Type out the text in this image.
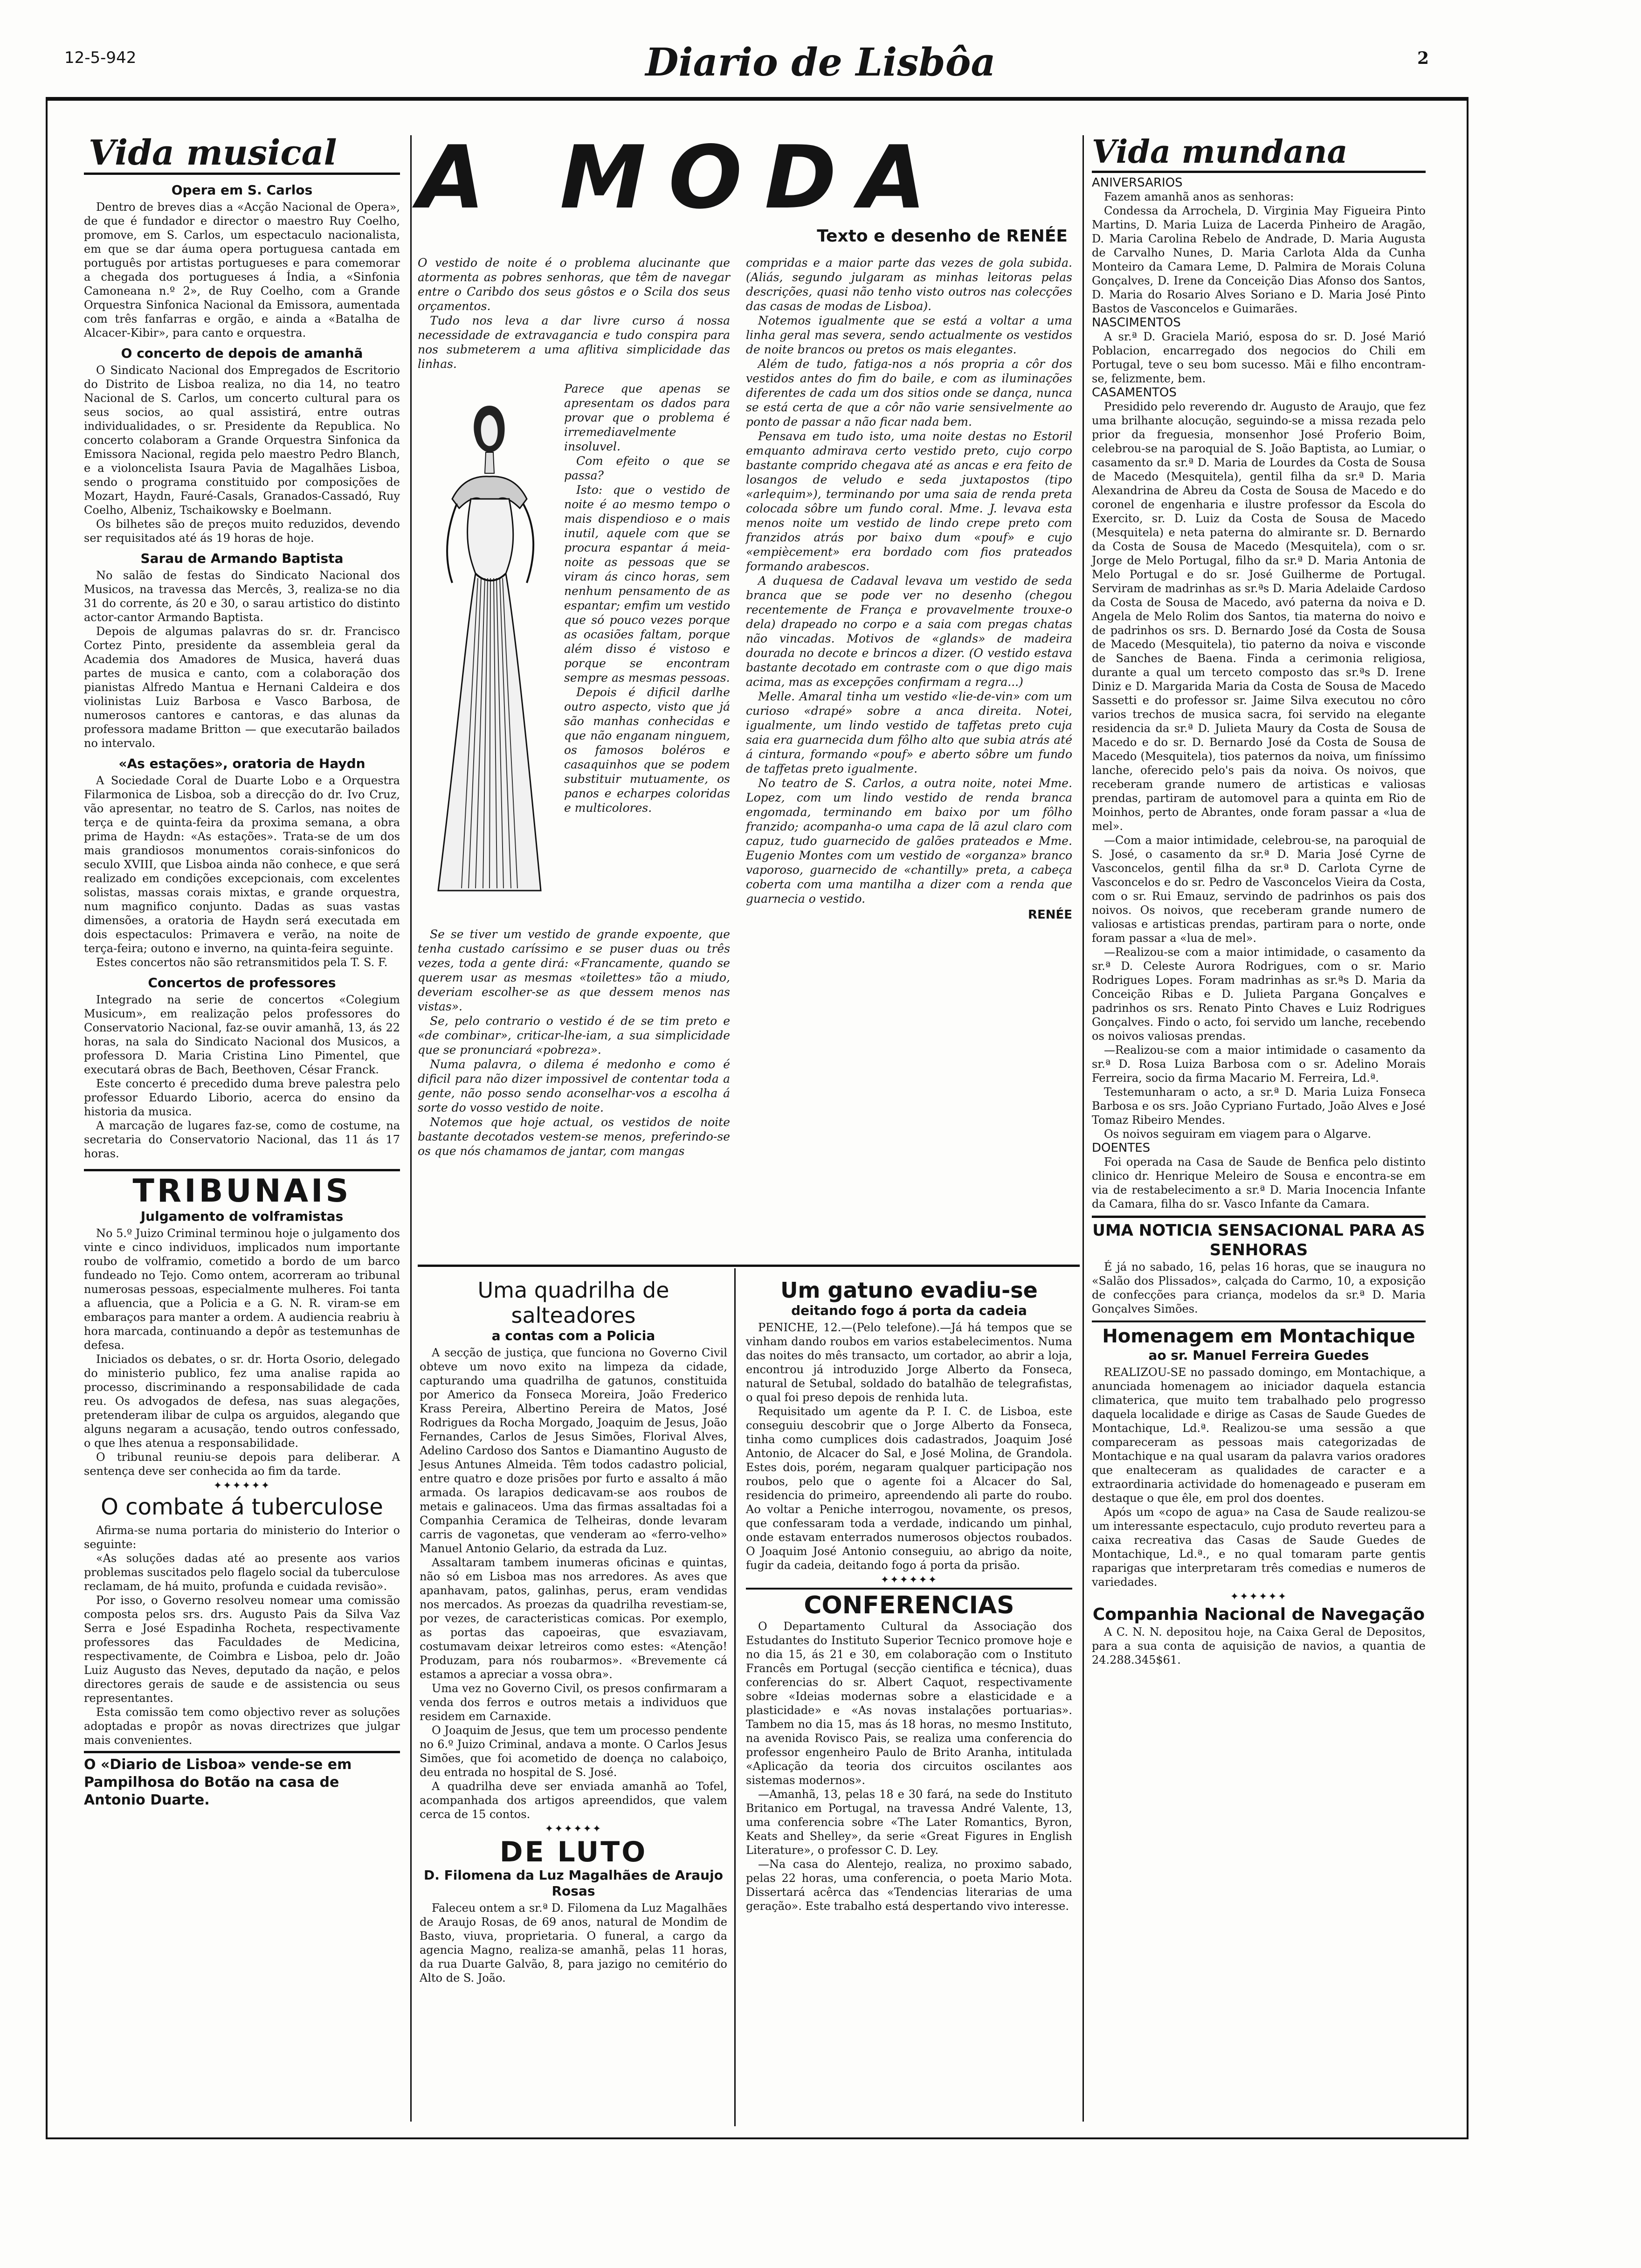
12-5-942	Diario de Lisbôa	2
Vida musical

Opera em S. Carlos

Dentro de breves dias a «Acção Nacional de Opera», de que é fundador e director o maestro Ruy Coelho, promove, em S. Carlos, um espectaculo nacionalista, em que se dar áuma opera portuguesa cantada em português por artistas portugueses e para comemorar a chegada dos portugueses á Índia, a «Sinfonia Camoneana n.º 2», de Ruy Coelho, com a Grande Orquestra Sinfonica Nacional da Emissora, aumentada com três fanfarras e orgão, e ainda a «Batalha de Alcacer-Kibir», para canto e orquestra.

O concerto de depois de amanhã

O Sindicato Nacional dos Empregados de Escritorio do Distrito de Lisboa realiza, no dia 14, no teatro Nacional de S. Carlos, um concerto cultural para os seus socios, ao qual assistirá, entre outras individualidades, o sr. Presidente da Republica. No concerto colaboram a Grande Orquestra Sinfonica da Emissora Nacional, regida pelo maestro Pedro Blanch, e a violoncelista Isaura Pavia de Magalhães Lisboa, sendo o programa constituido por composições de Mozart, Haydn, Fauré-Casals, Granados-Cassadó, Ruy Coelho, Albeniz, Tschaikowsky e Boelmann.

Os bilhetes são de preços muito reduzidos, devendo ser requisitados até ás 19 horas de hoje.

Sarau de Armando Baptista

No salão de festas do Sindicato Nacional dos Musicos, na travessa das Mercês, 3, realiza-se no dia 31 do corrente, ás 20 e 30, o sarau artistico do distinto actor-cantor Armando Baptista.

Depois de algumas palavras do sr. dr. Francisco Cortez Pinto, presidente da assembleia geral da Academia dos Amadores de Musica, haverá duas partes de musica e canto, com a colaboração dos pianistas Alfredo Mantua e Hernani Caldeira e dos violinistas Luiz Barbosa e Vasco Barbosa, de numerosos cantores e cantoras, e das alunas da professora madame Britton — que executarão bailados no intervalo.

«As estações», oratoria de Haydn

A Sociedade Coral de Duarte Lobo e a Orquestra Filarmonica de Lisboa, sob a direcção do dr. Ivo Cruz, vão apresentar, no teatro de S. Carlos, nas noites de terça e de quinta-feira da proxima semana, a obra prima de Haydn: «As estações». Trata-se de um dos mais grandiosos monumentos corais-sinfonicos do seculo XVIII, que Lisboa ainda não conhece, e que será realizado em condições excepcionais, com excelentes solistas, massas corais mixtas, e grande orquestra, num magnifico conjunto. Dadas as suas vastas dimensões, a oratoria de Haydn será executada em dois espectaculos: Primavera e verão, na noite de terça-feira; outono e inverno, na quinta-feira seguinte.

Estes concertos não são retransmitidos pela T. S. F.

Concertos de professores

Integrado na serie de concertos «Colegium Musicum», em realização pelos professores do Conservatorio Nacional, faz-se ouvir amanhã, 13, ás 22 horas, na sala do Sindicato Nacional dos Musicos, a professora D. Maria Cristina Lino Pimentel, que executará obras de Bach, Beethoven, César Franck.

Este concerto é precedido duma breve palestra pelo professor Eduardo Liborio, acerca do ensino da historia da musica.

A marcação de lugares faz-se, como de costume, na secretaria do Conservatorio Nacional, das 11 ás 17 horas.

TRIBUNAIS

Julgamento de volframistas

No 5.º Juizo Criminal terminou hoje o julgamento dos vinte e cinco individuos, implicados num importante roubo de volframio, cometido a bordo de um barco fundeado no Tejo. Como ontem, acorreram ao tribunal numerosas pessoas, especialmente mulheres. Foi tanta a afluencia, que a Policia e a G. N. R. viram-se em embaraços para manter a ordem. A audiencia reabriu à hora marcada, continuando a depôr as testemunhas de defesa.

Iniciados os debates, o sr. dr. Horta Osorio, delegado do ministerio publico, fez uma analise rapida ao processo, discriminando a responsabilidade de cada reu. Os advogados de defesa, nas suas alegações, pretenderam ilibar de culpa os arguidos, alegando que alguns negaram a acusação, tendo outros confessado, o que lhes atenua a responsabilidade.

O tribunal reuniu-se depois para deliberar. A sentença deve ser conhecida ao fim da tarde.

✦✦✦✦✦✦
O combate á tuberculose

Afirma-se numa portaria do ministerio do Interior o seguinte:

«As soluções dadas até ao presente aos varios problemas suscitados pelo flagelo social da tuberculose reclamam, de há muito, profunda e cuidada revisão».

Por isso, o Governo resolveu nomear uma comissão composta pelos srs. drs. Augusto Pais da Silva Vaz Serra e José Espadinha Rocheta, respectivamente professores das Faculdades de Medicina, respectivamente, de Coimbra e Lisboa, pelo dr. João Luiz Augusto das Neves, deputado da nação, e pelos directores gerais de saude e de assistencia ou seus representantes.

Esta comissão tem como objectivo rever as soluções adoptadas e propôr as novas directrizes que julgar mais convenientes.

O «Diario de Lisboa» vende-se em Pampilhosa do Botão na casa de Antonio Duarte.
A MODA
Texto e desenho de RENÉE

O vestido de noite é o problema alucinante que atormenta as pobres senhoras, que têm de navegar entre o Caribdo dos seus gôstos e o Scila dos seus orçamentos.

Tudo nos leva a dar livre curso á nossa necessidade de extravagancia e tudo conspira para nos submeterem a uma aflitiva simplicidade das linhas.

Parece que apenas se apresentam os dados para provar que o problema é irremediavelmente insoluvel.

Com efeito o que se passa?

Isto: que o vestido de noite é ao mesmo tempo o mais dispendioso e o mais inutil, aquele com que se procura espantar á meia-noite as pessoas que se viram ás cinco horas, sem nenhum pensamento de as espantar; emfim um vestido que só pouco vezes porque as ocasiões faltam, porque além disso é vistoso e porque se encontram sempre as mesmas pessoas.

Depois é dificil darlhe outro aspecto, visto que já são manhas conhecidas e que não enganam ninguem, os famosos boléros e casaquinhos que se podem substituir mutuamente, os panos e echarpes coloridas e multicolores.

Se se tiver um vestido de grande expoente, que tenha custado caríssimo e se puser duas ou três vezes, toda a gente dirá: «Francamente, quando se querem usar as mesmas «toilettes» tão a miudo, deveriam escolher-se as que dessem menos nas vistas».

Se, pelo contrario o vestido é de se tim preto e «de combinar», criticar-lhe-iam, a sua simplicidade que se pronunciará «pobreza».

Numa palavra, o dilema é medonho e como é dificil para não dizer impossivel de contentar toda a gente, não posso sendo aconselhar-vos a escolha á sorte do vosso vestido de noite.

Notemos que hoje actual, os vestidos de noite bastante decotados vestem-se menos, preferindo-se os que nós chamamos de jantar, com mangas

compridas e a maior parte das vezes de gola subida. (Aliás, segundo julgaram as minhas leitoras pelas descrições, quasi não tenho visto outros nas colecções das casas de modas de Lisboa).

Notemos igualmente que se está a voltar a uma linha geral mas severa, sendo actualmente os vestidos de noite brancos ou pretos os mais elegantes.

Além de tudo, fatiga-nos a nós propria a côr dos vestidos antes do fim do baile, e com as iluminações diferentes de cada um dos sitios onde se dança, nunca se está certa de que a côr não varie sensivelmente ao ponto de passar a não ficar nada bem.

Pensava em tudo isto, uma noite destas no Estoril emquanto admirava certo vestido preto, cujo corpo bastante comprido chegava até as ancas e era feito de losangos de veludo e seda juxtapostos (tipo «arlequim»), terminando por uma saia de renda preta colocada sôbre um fundo coral. Mme. J. levava esta menos noite um vestido de lindo crepe preto com franzidos atrás por baixo dum «pouf» e cujo «empiècement» era bordado com fios prateados formando arabescos.

A duquesa de Cadaval levava um vestido de seda branca que se pode ver no desenho (chegou recentemente de França e provavelmente trouxe-o dela) drapeado no corpo e a saia com pregas chatas não vincadas. Motivos de «glands» de madeira dourada no decote e brincos a dizer. (O vestido estava bastante decotado em contraste com o que digo mais acima, mas as excepções confirmam a regra...)

Melle. Amaral tinha um vestido «lie-de-vin» com um curioso «drapé» sobre a anca direita. Notei, igualmente, um lindo vestido de taffetas preto cuja saia era guarnecida dum fôlho alto que subia atrás até á cintura, formando «pouf» e aberto sôbre um fundo de taffetas preto igualmente.

No teatro de S. Carlos, a outra noite, notei Mme. Lopez, com um lindo vestido de renda branca engomada, terminando em baixo por um fôlho franzido; acompanha-o uma capa de lã azul claro com capuz, tudo guarnecido de galões prateados e Mme. Eugenio Montes com um vestido de «organza» branco vaporoso, guarnecido de «chantilly» preta, a cabeça coberta com uma mantilha a dizer com a renda que guarnecia o vestido.

RENÉE
Uma quadrilha de salteadores

a contas com a Policia

A secção de justiça, que funciona no Governo Civil obteve um novo exito na limpeza da cidade, capturando uma quadrilha de gatunos, constituida por Americo da Fonseca Moreira, João Frederico Krass Pereira, Albertino Pereira de Matos, José Rodrigues da Rocha Morgado, Joaquim de Jesus, João Fernandes, Carlos de Jesus Simões, Florival Alves, Adelino Cardoso dos Santos e Diamantino Augusto de Jesus Antunes Almeida. Têm todos cadastro policial, entre quatro e doze prisões por furto e assalto á mão armada. Os larapios dedicavam-se aos roubos de metais e galinaceos. Uma das firmas assaltadas foi a Companhia Ceramica de Telheiras, donde levaram carris de vagonetas, que venderam ao «ferro-velho» Manuel Antonio Gelario, da estrada da Luz.

Assaltaram tambem inumeras oficinas e quintas, não só em Lisboa mas nos arredores. As aves que apanhavam, patos, galinhas, perus, eram vendidas nos mercados. As proezas da quadrilha revestiam-se, por vezes, de caracteristicas comicas. Por exemplo, as portas das capoeiras, que esvaziavam, costumavam deixar letreiros como estes: «Atenção! Produzam, para nós roubarmos». «Brevemente cá estamos a apreciar a vossa obra».

Uma vez no Governo Civil, os presos confirmaram a venda dos ferros e outros metais a individuos que residem em Carnaxide.

O Joaquim de Jesus, que tem um processo pendente no 6.º Juizo Criminal, andava a monte. O Carlos Jesus Simões, que foi acometido de doença no calaboiço, deu entrada no hospital de S. José.

A quadrilha deve ser enviada amanhã ao Tofel, acompanhada dos artigos apreendidos, que valem cerca de 15 contos.

✦✦✦✦✦✦
DE LUTO

D. Filomena da Luz Magalhães de Araujo Rosas

Faleceu ontem a sr.ª D. Filomena da Luz Magalhães de Araujo Rosas, de 69 anos, natural de Mondim de Basto, viuva, proprietaria. O funeral, a cargo da agencia Magno, realiza-se amanhã, pelas 11 horas, da rua Duarte Galvão, 8, para jazigo no cemitério do Alto de S. João.

Um gatuno evadiu-se

deitando fogo á porta da cadeia

PENICHE, 12.—(Pelo telefone).—Já há tempos que se vinham dando roubos em varios estabelecimentos. Numa das noites do mês transacto, um cortador, ao abrir a loja, encontrou já introduzido Jorge Alberto da Fonseca, natural de Setubal, soldado do batalhão de telegrafistas, o qual foi preso depois de renhida luta.

Requisitado um agente da P. I. C. de Lisboa, este conseguiu descobrir que o Jorge Alberto da Fonseca, tinha como cumplices dois cadastrados, Joaquim José Antonio, de Alcacer do Sal, e José Molina, de Grandola. Estes dois, porém, negaram qualquer participação nos roubos, pelo que o agente foi a Alcacer do Sal, residencia do primeiro, apreendendo ali parte do roubo. Ao voltar a Peniche interrogou, novamente, os presos, que confessaram toda a verdade, indicando um pinhal, onde estavam enterrados numerosos objectos roubados. O Joaquim José Antonio conseguiu, ao abrigo da noite, fugir da cadeia, deitando fogo á porta da prisão.

✦✦✦✦✦✦
CONFERENCIAS

O Departamento Cultural da Associação dos Estudantes do Instituto Superior Tecnico promove hoje e no dia 15, ás 21 e 30, em colaboração com o Instituto Francês em Portugal (secção cientifica e técnica), duas conferencias do sr. Albert Caquot, respectivamente sobre «Ideias modernas sobre a elasticidade e a plasticidade» e «As novas instalações portuarias». Tambem no dia 15, mas ás 18 horas, no mesmo Instituto, na avenida Rovisco Pais, se realiza uma conferencia do professor engenheiro Paulo de Brito Aranha, intitulada «Aplicação da teoria dos circuitos oscilantes aos sistemas modernos».

—Amanhã, 13, pelas 18 e 30 fará, na sede do Instituto Britanico em Portugal, na travessa André Valente, 13, uma conferencia sobre «The Later Romantics, Byron, Keats and Shelley», da serie «Great Figures in English Literature», o professor C. D. Ley.

—Na casa do Alentejo, realiza, no proximo sabado, pelas 22 horas, uma conferencia, o poeta Mario Mota. Dissertará acêrca das «Tendencias literarias de uma geração». Este trabalho está despertando vivo interesse.

Vida mundana

ANIVERSARIOS

Fazem amanhã anos as senhoras:

Condessa da Arrochela, D. Virginia May Figueira Pinto Martins, D. Maria Luiza de Lacerda Pinheiro de Aragão, D. Maria Carolina Rebelo de Andrade, D. Maria Augusta de Carvalho Nunes, D. Maria Carlota Alda da Cunha Monteiro da Camara Leme, D. Palmira de Morais Coluna Gonçalves, D. Irene da Conceição Dias Afonso dos Santos, D. Maria do Rosario Alves Soriano e D. Maria José Pinto Bastos de Vasconcelos e Guimarães.

NASCIMENTOS

A sr.ª D. Graciela Marió, esposa do sr. D. José Marió Poblacion, encarregado dos negocios do Chili em Portugal, teve o seu bom sucesso. Mãi e filho encontram-se, felizmente, bem.

CASAMENTOS

Presidido pelo reverendo dr. Augusto de Araujo, que fez uma brilhante alocução, seguindo-se a missa rezada pelo prior da freguesia, monsenhor José Proferio Boim, celebrou-se na paroquial de S. João Baptista, ao Lumiar, o casamento da sr.ª D. Maria de Lourdes da Costa de Sousa de Macedo (Mesquitela), gentil filha da sr.ª D. Maria Alexandrina de Abreu da Costa de Sousa de Macedo e do coronel de engenharia e ilustre professor da Escola do Exercito, sr. D. Luiz da Costa de Sousa de Macedo (Mesquitela) e neta paterna do almirante sr. D. Bernardo da Costa de Sousa de Macedo (Mesquitela), com o sr. Jorge de Melo Portugal, filho da sr.ª D. Maria Antonia de Melo Portugal e do sr. José Guilherme de Portugal. Serviram de madrinhas as sr.ªs D. Maria Adelaide Cardoso da Costa de Sousa de Macedo, avó paterna da noiva e D. Angela de Melo Rolim dos Santos, tia materna do noivo e de padrinhos os srs. D. Bernardo José da Costa de Sousa de Macedo (Mesquitela), tio paterno da noiva e visconde de Sanches de Baena. Finda a cerimonia religiosa, durante a qual um terceto composto das sr.ªs D. Irene Diniz e D. Margarida Maria da Costa de Sousa de Macedo Sassetti e do professor sr. Jaime Silva executou no côro varios trechos de musica sacra, foi servido na elegante residencia da sr.ª D. Julieta Maury da Costa de Sousa de Macedo e do sr. D. Bernardo José da Costa de Sousa de Macedo (Mesquitela), tios paternos da noiva, um finíssimo lanche, oferecido pelo's pais da noiva. Os noivos, que receberam grande numero de artisticas e valiosas prendas, partiram de automovel para a quinta em Rio de Moinhos, perto de Abrantes, onde foram passar a «lua de mel».

—Com a maior intimidade, celebrou-se, na paroquial de S. José, o casamento da sr.ª D. Maria José Cyrne de Vasconcelos, gentil filha da sr.ª D. Carlota Cyrne de Vasconcelos e do sr. Pedro de Vasconcelos Vieira da Costa, com o sr. Rui Emauz, servindo de padrinhos os pais dos noivos. Os noivos, que receberam grande numero de valiosas e artisticas prendas, partiram para o norte, onde foram passar a «lua de mel».

—Realizou-se com a maior intimidade, o casamento da sr.ª D. Celeste Aurora Rodrigues, com o sr. Mario Rodrigues Lopes. Foram madrinhas as sr.ªs D. Maria da Conceição Ribas e D. Julieta Pargana Gonçalves e padrinhos os srs. Renato Pinto Chaves e Luiz Rodrigues Gonçalves. Findo o acto, foi servido um lanche, recebendo os noivos valiosas prendas.

—Realizou-se com a maior intimidade o casamento da sr.ª D. Rosa Luiza Barbosa com o sr. Adelino Morais Ferreira, socio da firma Macario M. Ferreira, Ld.ª.

Testemunharam o acto, a sr.ª D. Maria Luiza Fonseca Barbosa e os srs. João Cypriano Furtado, João Alves e José Tomaz Ribeiro Mendes.

Os noivos seguiram em viagem para o Algarve.

DOENTES

Foi operada na Casa de Saude de Benfica pelo distinto clinico dr. Henrique Meleiro de Sousa e encontra-se em via de restabelecimento a sr.ª D. Maria Inocencia Infante da Camara, filha do sr. Vasco Infante da Camara.

UMA NOTICIA SENSACIONAL PARA AS SENHORAS

É já no sabado, 16, pelas 16 horas, que se inaugura no «Salão dos Plissados», calçada do Carmo, 10, a exposição de confecções para criança, modelos da sr.ª D. Maria Gonçalves Simões.

Homenagem em Montachique

ao sr. Manuel Ferreira Guedes

REALIZOU-SE no passado domingo, em Montachique, a anunciada homenagem ao iniciador daquela estancia climaterica, que muito tem trabalhado pelo progresso daquela localidade e dirige as Casas de Saude Guedes de Montachique, Ld.ª. Realizou-se uma sessão a que compareceram as pessoas mais categorizadas de Montachique e na qual usaram da palavra varios oradores que enalteceram as qualidades de caracter e a extraordinaria actividade do homenageado e puseram em destaque o que êle, em prol dos doentes.

Após um «copo de agua» na Casa de Saude realizou-se um interessante espectaculo, cujo produto reverteu para a caixa recreativa das Casas de Saude Guedes de Montachique, Ld.ª., e no qual tomaram parte gentis raparigas que interpretaram três comedias e numeros de variedades.

✦✦✦✦✦✦
Companhia Nacional de Navegação

A C. N. N. depositou hoje, na Caixa Geral de Depositos, para a sua conta de aquisição de navios, a quantia de 24.288.345$61.
